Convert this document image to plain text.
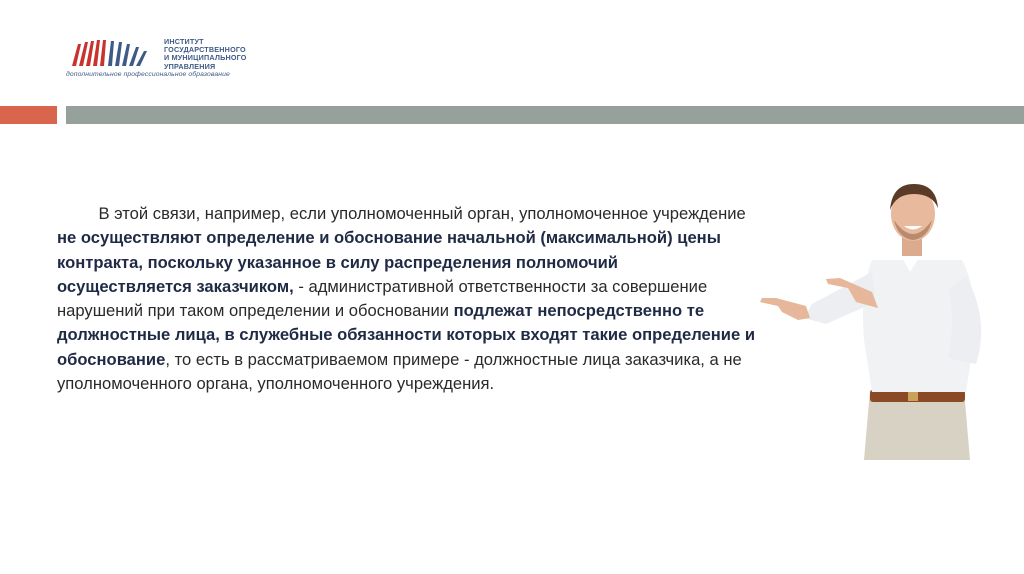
ИНСТИТУТ
ГОСУДАРСТВЕННОГО
И МУНИЦИПАЛЬНОГО
УПРАВЛЕНИЯ
дополнительное профессиональное образование

   В этой связи, например, если уполномоченный орган, уполномоченное учреждение не осуществляют определение и обоснование начальной (максимальной) цены контракта, поскольку указанное в силу распределения полномочий осуществляется заказчиком, - административной ответственности за совершение нарушений при таком определении и обосновании подлежат непосредственно те должностные лица, в служебные обязанности которых входят такие определение и обоснование, то есть в рассматриваемом примере - должностные лица заказчика, а не уполномоченного органа, уполномоченного учреждения.
